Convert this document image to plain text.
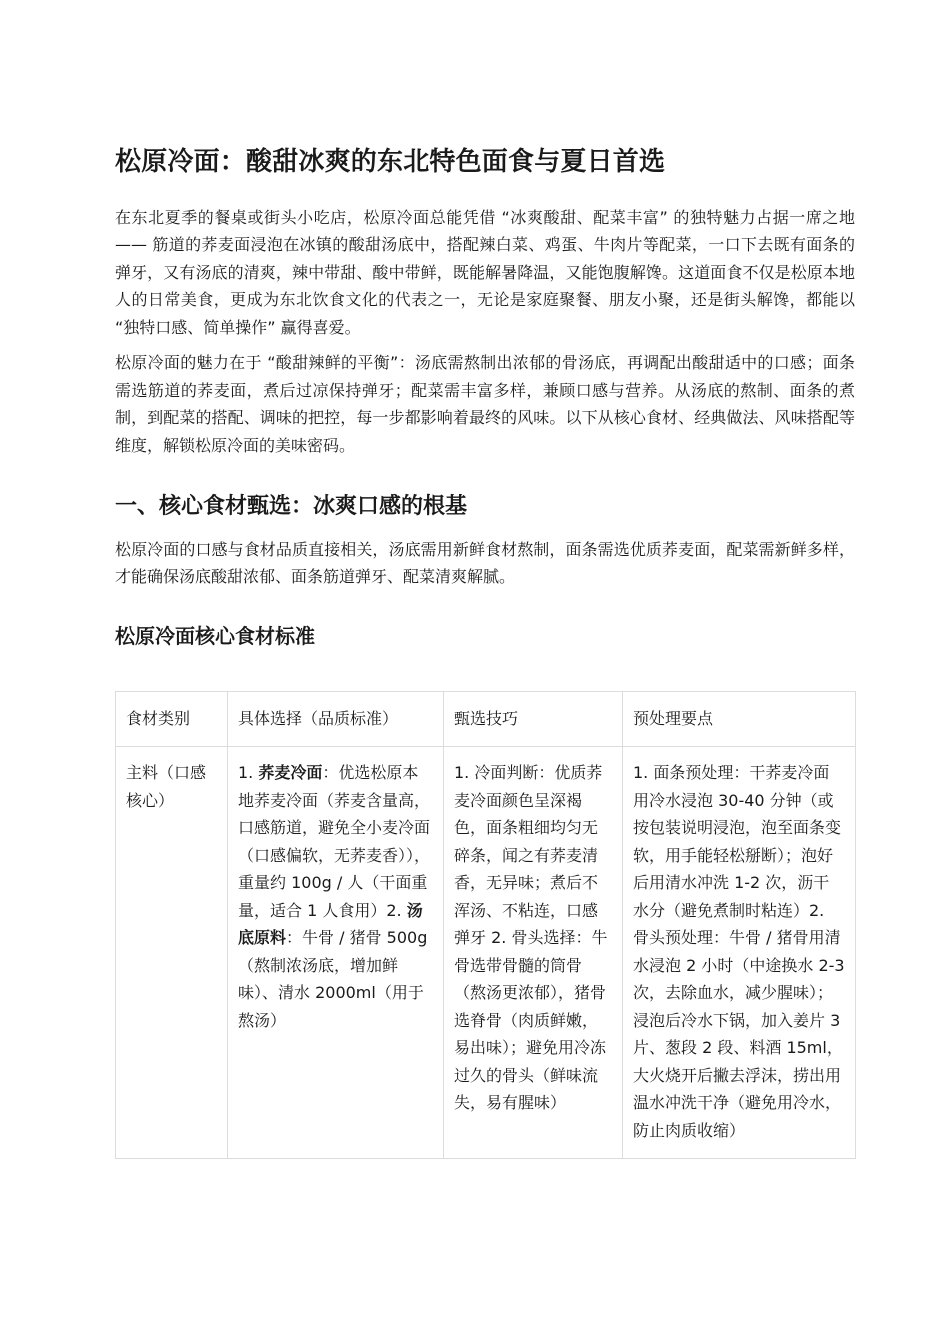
松原冷面：酸甜冰爽的东北特色面食与夏日首选

在东北夏季的餐桌或街头小吃店，松原冷面总能凭借 “冰爽酸甜、配菜丰富” 的独特魅力占据一席之地 —— 筋道的荞麦面浸泡在冰镇的酸甜汤底中，搭配辣白菜、鸡蛋、牛肉片等配菜，一口下去既有面条的弹牙，又有汤底的清爽，辣中带甜、酸中带鲜，既能解暑降温，又能饱腹解馋。这道面食不仅是松原本地人的日常美食，更成为东北饮食文化的代表之一，无论是家庭聚餐、朋友小聚，还是街头解馋，都能以 “独特口感、简单操作” 赢得喜爱。

松原冷面的魅力在于 “酸甜辣鲜的平衡”：汤底需熬制出浓郁的骨汤底，再调配出酸甜适中的口感；面条需选筋道的荞麦面，煮后过凉保持弹牙；配菜需丰富多样，兼顾口感与营养。从汤底的熬制、面条的煮制，到配菜的搭配、调味的把控，每一步都影响着最终的风味。以下从核心食材、经典做法、风味搭配等维度，解锁松原冷面的美味密码。

一、核心食材甄选：冰爽口感的根基

松原冷面的口感与食材品质直接相关，汤底需用新鲜食材熬制，面条需选优质荞麦面，配菜需新鲜多样，才能确保汤底酸甜浓郁、面条筋道弹牙、配菜清爽解腻。

松原冷面核心食材标准
食材类别	具体选择（品质标准）	甄选技巧	预处理要点
主料（口感核心）	1. 荞麦冷面：优选松原本地荞麦冷面（荞麦含量高，口感筋道，避免全小麦冷面（口感偏软，无荞麦香）），重量约 100g / 人（干面重量，适合 1 人食用）2. 汤底原料：牛骨 / 猪骨 500g（熬制浓汤底，增加鲜味）、清水 2000ml（用于熬汤）	1. 冷面判断：优质荞麦冷面颜色呈深褐色，面条粗细均匀无碎条，闻之有荞麦清香，无异味；煮后不浑汤、不粘连，口感弹牙 2. 骨头选择：牛骨选带骨髓的筒骨（熬汤更浓郁），猪骨选脊骨（肉质鲜嫩，易出味）；避免用冷冻过久的骨头（鲜味流失，易有腥味）	1. 面条预处理：干荞麦冷面用冷水浸泡 30-40 分钟（或按包装说明浸泡，泡至面条变软，用手能轻松掰断）；泡好后用清水冲洗 1-2 次，沥干水分（避免煮制时粘连）2. 骨头预处理：牛骨 / 猪骨用清水浸泡 2 小时（中途换水 2-3 次，去除血水，减少腥味）；浸泡后冷水下锅，加入姜片 3 片、葱段 2 段、料酒 15ml，大火烧开后撇去浮沫，捞出用温水冲洗干净（避免用冷水，防止肉质收缩）
